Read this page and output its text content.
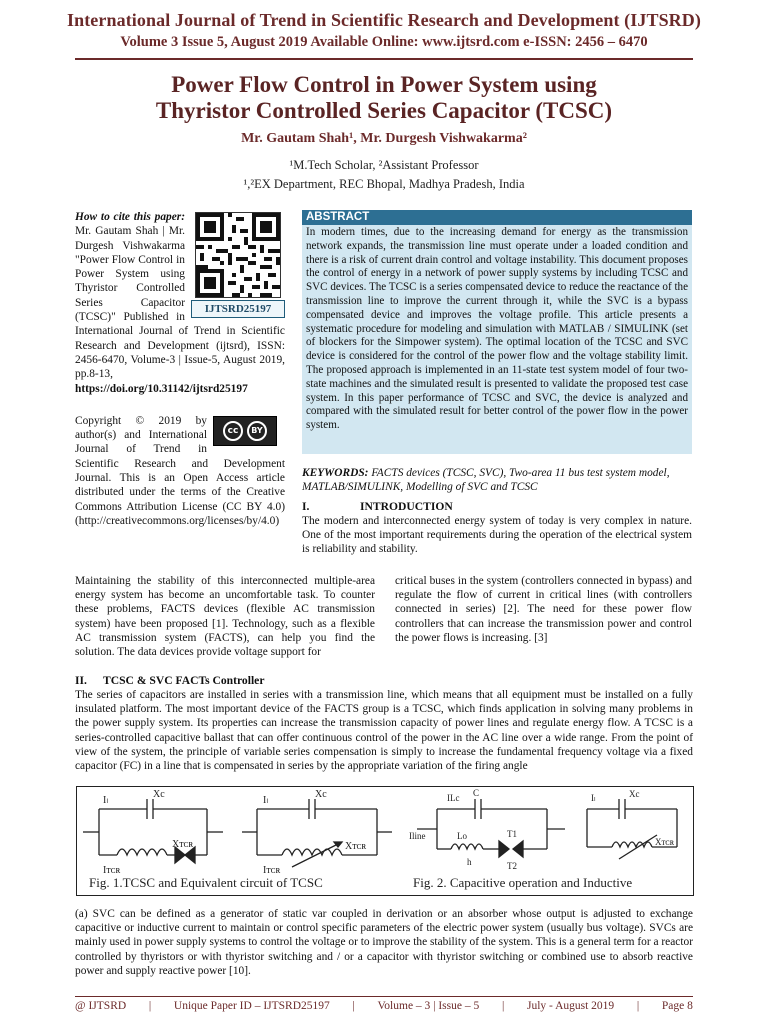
International Journal of Trend in Scientific Research and Development (IJTSRD)
Volume 3 Issue 5, August 2019 Available Online: www.ijtsrd.com e-ISSN: 2456 – 6470
Power Flow Control in Power System using
Thyristor Controlled Series Capacitor (TCSC)
Mr. Gautam Shah¹, Mr. Durgesh Vishwakarma²
¹M.Tech Scholar, ²Assistant Professor
¹,²EX Department, REC Bhopal, Madhya Pradesh, India
IJTSRD25197
How to cite this paper: Mr. Gautam Shah | Mr. Durgesh Vishwakarma "Power Flow Control in Power System using Thyristor Controlled Series Capacitor (TCSC)" Published in International Journal of Trend in Scientific Research and Development (ijtsrd), ISSN: 2456-6470, Volume-3 | Issue-5, August 2019, pp.8-13, https://doi.org/10.31142/ijtsrd25197
cc	BY
Copyright © 2019 by author(s) and International Journal of Trend in Scientific Research and Development Journal. This is an Open Access article distributed under the terms of the Creative Commons Attribution License (CC BY 4.0) (http://creativecommons.org/licenses/by/4.0)
ABSTRACT
In modern times, due to the increasing demand for energy as the transmission network expands, the transmission line must operate under a loaded condition and there is a risk of current drain control and voltage instability. This document proposes the control of energy in a network of power supply systems by including TCSC and SVC devices. The TCSC is a series compensated device to reduce the reactance of the transmission line to improve the current through it, while the SVC is a bypass compensated device and improves the voltage profile. This article presents a systematic procedure for modeling and simulation with MATLAB / SIMULINK (set of blockers for the Simpower system). The optimal location of the TCSC and SVC device is considered for the control of the power flow and the voltage stability limit. The proposed approach is implemented in an 11-state test system model of four two-state machines and the simulated result is presented to validate the proposed test case system. In this paper performance of TCSC and SVC, the device is analyzed and compared with the simulated result for better control of the power flow in the power system.
KEYWORDS: FACTS devices (TCSC, SVC), Two-area 11 bus test system model, MATLAB/SIMULINK, Modelling of SVC and TCSC
I.	INTRODUCTION
The modern and interconnected energy system of today is very complex in nature. One of the most important requirements during the operation of the electrical system is reliability and stability.
Maintaining the stability of this interconnected multiple-area energy system has become an uncomfortable task. To counter these problems, FACTS devices (flexible AC transmission system) have been proposed [1]. Technology, such as a flexible AC transmission system (FACTS), can help you find the solution. The data devices provide voltage support for
critical buses in the system (controllers connected in bypass) and regulate the flow of current in critical lines (with controllers connected in series) [2]. The need for these power flow controllers that can increase the transmission power and control the power flows is increasing. [3]
II. TCSC & SVC FACTs Controller
The series of capacitors are installed in series with a transmission line, which means that all equipment must be installed on a fully insulated platform. The most important device of the FACTS group is a TCSC, which finds application in solving many problems in the power supply system. Its properties can increase the transmission capacity of power lines and regulate energy flow. A TCSC is a series-controlled capacitive ballast that can offer continuous control of the power in the AC line over a wide range. From the point of view of the system, the principle of variable series compensation is simply to increase the fundamental frequency voltage via a fixed capacitor (FC) in a line that is compensated in series by the appropriate variation of the firing angle
Iₗ
Xc
Xᴛᴄʀ
Iᴛᴄʀ
Iₗ
Xc
Xᴛᴄʀ
Iᴛᴄʀ
Fig. 1.TCSC and Equivalent circuit of TCSC
ILc C
Iline	Lo
h
T1
T2
Iₗ	Xc
Xᴛᴄʀ
Fig. 2. Capacitive operation and Inductive
(a) SVC can be defined as a generator of static var coupled in derivation or an absorber whose output is adjusted to exchange capacitive or inductive current to maintain or control specific parameters of the electric power system (usually bus voltage). SVCs are mainly used in power supply systems to control the voltage or to improve the stability of the system. This is a general term for a reactor controlled by thyristors or with thyristor switching and / or a capacitor with thyristor switching or combined use to absorb reactive power and supply reactive power [10].
@ IJTSRD | Unique Paper ID – IJTSRD25197 | Volume – 3 | Issue – 5 | July - August 2019 | Page 8
